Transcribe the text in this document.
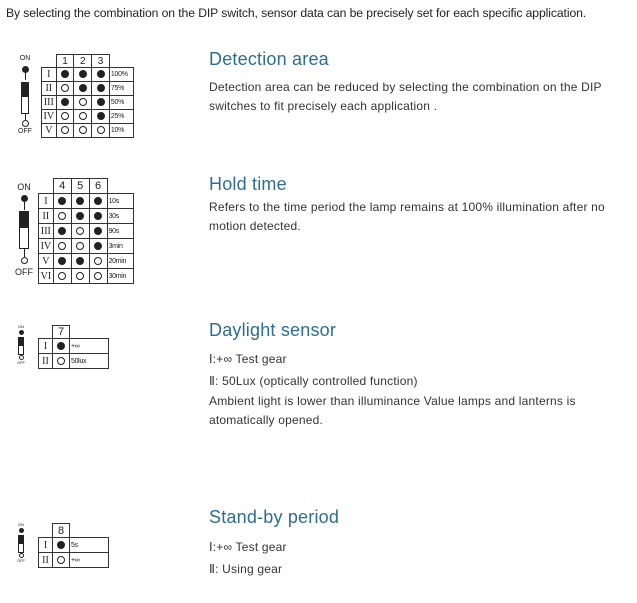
By selecting the combination on the DIP switch, sensor data can be precisely set for each specific application.
ON
OFF
	1	2	3	
I				100%
II				75%
III				50%
IV				25%
V				10%
Detection area
Detection area can be reduced by selecting the combination on the DIP switches to fit precisely each application .
ON
OFF
	4	5	6	
I				10s
II				30s
III				90s
IV				3min
V				20min
VI				30min
Hold time
Refers to the time period the lamp remains at 100% illumination after no motion detected.
ON
OFF
	7	
I		+∞
II		50lux
Daylight sensor
Ⅰ:+∞ Test gear
Ⅱ: 50Lux (optically controlled function)
Ambient light is lower than illuminance Value lamps and lanterns is atomatically opened.
ON
OFF
	8	
I		5s
II		+∞
Stand-by period
Ⅰ:+∞ Test gear
Ⅱ: Using gear
